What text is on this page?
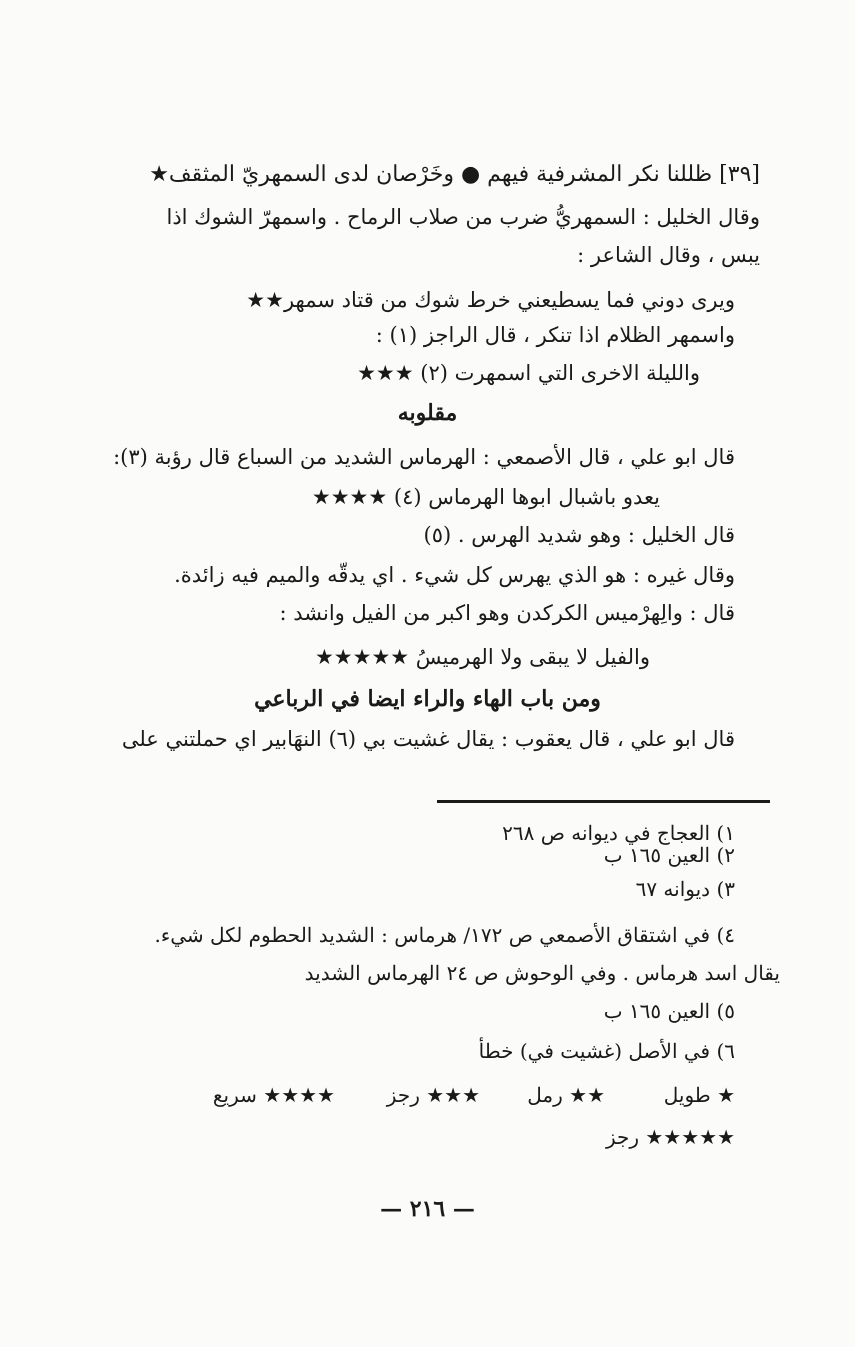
[٣٩] ظللنا نكر المشرفية فيهم ● وخَرْصان لدى السمهريّ المثقف★
وقال الخليل : السمهريُّ ضرب من صلاب الرماح . واسمهرّ الشوك اذا
يبس ، وقال الشاعر :
ويرى دوني فما يسطيعني خرط شوك من قتاد سمهر★★
واسمهر الظلام اذا تنكر ، قال الراجز (١) :
والليلة الاخرى التي اسمهرت (٢) ★★★
مقلوبه
قال ابو علي ، قال الأصمعي : الهرماس الشديد من السباع قال رؤبة (٣):
يعدو باشبال ابوها الهرماس (٤) ★★★★
قال الخليل : وهو شديد الهرس . (٥)
وقال غيره : هو الذي يهرس كل شيء . اي يدقّه والميم فيه زائدة.
قال : والِهرْميس الكركدن وهو اكبر من الفيل وانشد :
والفيل لا يبقى ولا الهرميسُ ★★★★★
ومن باب الهاء والراء ايضا في الرباعي
قال ابو علي ، قال يعقوب : يقال غشيت بي (٦) النهَابير اي حملتني على
١) العجاج في ديوانه ص ٢٦٨
٢) العين ١٦٥ ب
٣) ديوانه ٦٧
٤) في اشتقاق الأصمعي ص ١٧٢/ هرماس : الشديد الحطوم لكل شيء.
يقال اسد هرماس . وفي الوحوش ص ٢٤ الهرماس الشديد
٥) العين ١٦٥ ب
٦) في الأصل (غشيت في) خطأ
★ طويل
★★ رمل
★★★ رجز
★★★★ سريع
★★★★★ رجز
— ٢١٦ —
